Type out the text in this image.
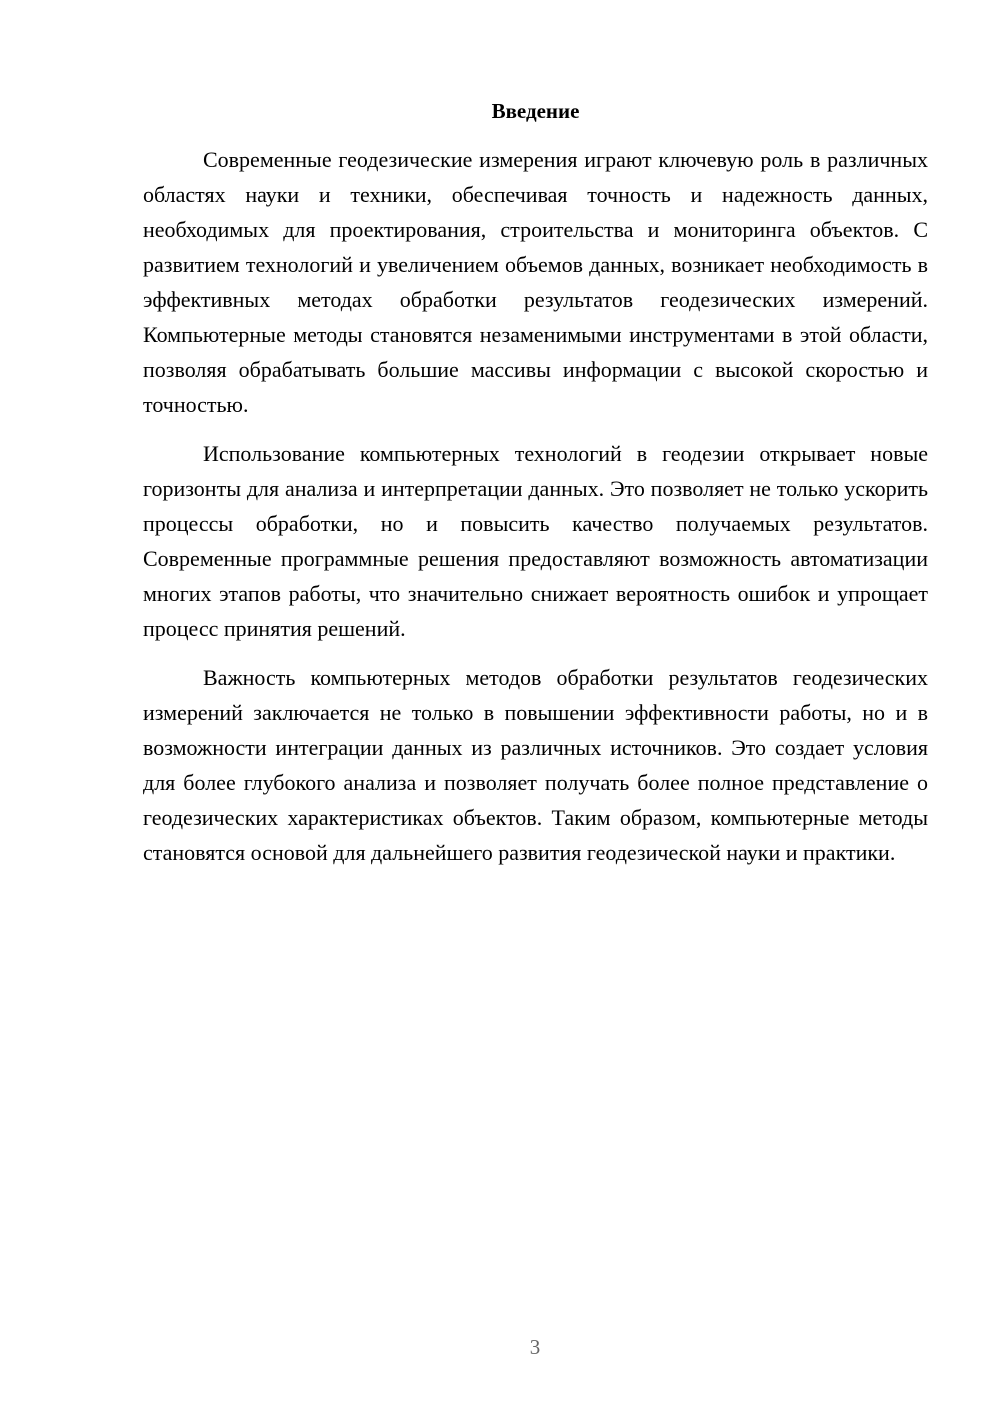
Введение

Современные геодезические измерения играют ключевую роль в различных областях науки и техники, обеспечивая точность и надежность данных, необходимых для проектирования, строительства и мониторинга объектов. С развитием технологий и увеличением объемов данных, возникает необходимость в эффективных методах обработки результатов геодезических измерений. Компьютерные методы становятся незаменимыми инструментами в этой области, позволяя обрабатывать большие массивы информации с высокой скоростью и точностью.

Использование компьютерных технологий в геодезии открывает новые горизонты для анализа и интерпретации данных. Это позволяет не только ускорить процессы обработки, но и повысить качество получаемых результатов. Современные программные решения предоставляют возможность автоматизации многих этапов работы, что значительно снижает вероятность ошибок и упрощает процесс принятия решений.

Важность компьютерных методов обработки результатов геодезических измерений заключается не только в повышении эффективности работы, но и в возможности интеграции данных из различных источников. Это создает условия для более глубокого анализа и позволяет получать более полное представление о геодезических характеристиках объектов. Таким образом, компьютерные методы становятся основой для дальнейшего развития геодезической науки и практики.

3
